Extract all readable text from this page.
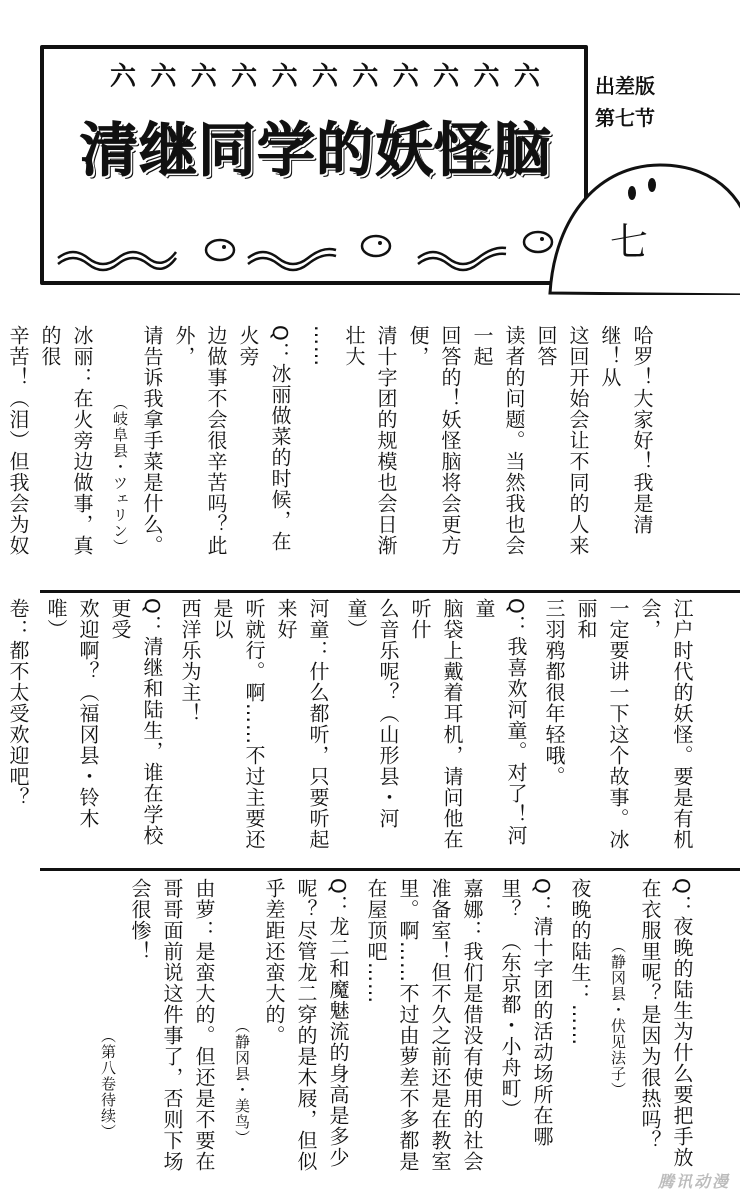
六 六 六 六 六 六 六 六 六 六 六
清继同学的妖怪脑
出差版
第七节
七

哈罗！大家好！我是清继！从

这回开始会让不同的人来回答

读者的问题。当然我也会一起

回答的！妖怪脑将会更方便，

清十字团的规模也会日渐壮大

……

Q：冰丽做菜的时候，在火旁

边做事不会很辛苦吗？此外，

请告诉我拿手菜是什么。

（岐阜县・ツェリン）

冰丽：在火旁边做事，真的很

辛苦！（泪）但我会为奴

江户时代的妖怪。要是有机会，

一定要讲一下这个故事。冰丽和

三羽鸦都很年轻哦。

Q：我喜欢河童。对了！河童

脑袋上戴着耳机，请问他在听什

么音乐呢？（山形县・河童）

河童：什么都听，只要听起来好

听就行。啊……不过主要还是以

西洋乐为主！

Q：清继和陆生，谁在学校更受

欢迎啊？（福冈县・铃木唯）

卷：都不太受欢迎吧？

Q：夜晚的陆生为什么要把手放

在衣服里呢？是因为很热吗？

（静冈县・伏见法子）

夜晚的陆生：……

Q：清十字团的活动场所在哪

里？　（东京都・小舟町）

嘉娜：我们是借没有使用的社会

准备室！但不久之前还是在教室

里。啊……不过由萝差不多都是

在屋顶吧……

Q：龙二和魔魅流的身高是多少

呢？尽管龙二穿的是木屐，但似

乎差距还蛮大的。

（静冈县・美鸟）

由萝：是蛮大的。但还是不要在

哥哥面前说这件事了，否则下场

会很惨！

（第八卷待续）

腾讯动漫
